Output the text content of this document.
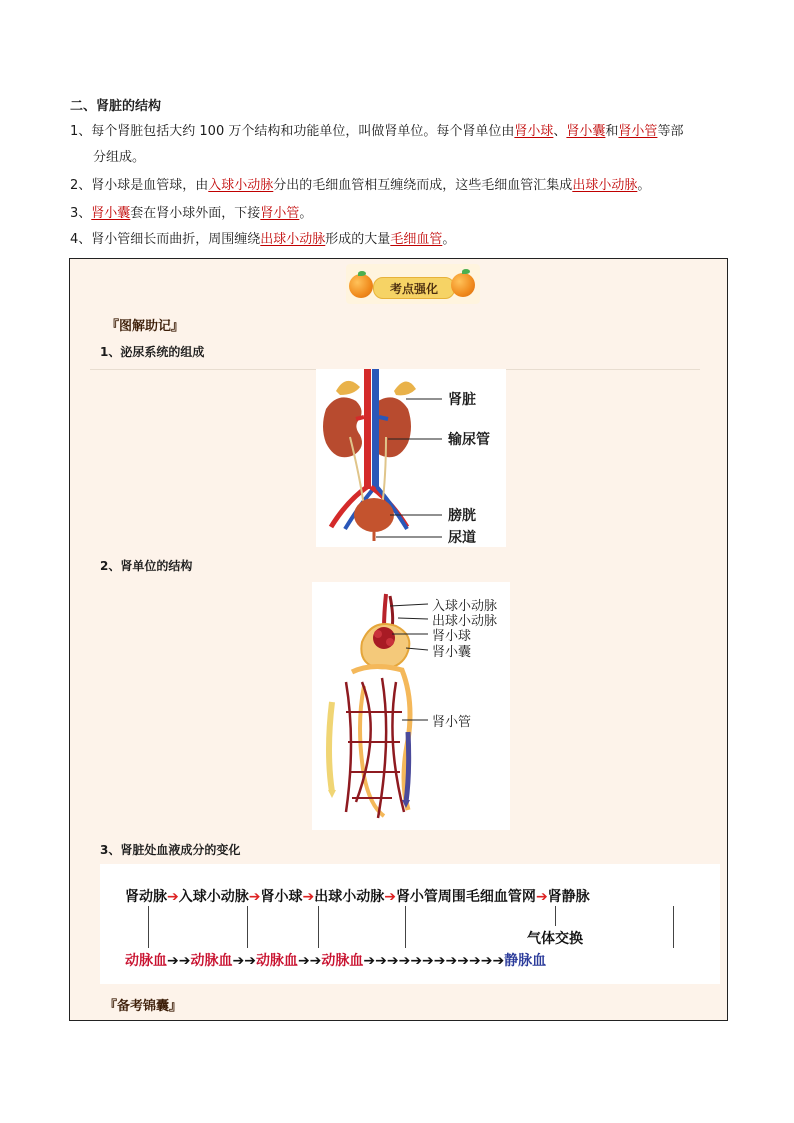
二、肾脏的结构
1、每个肾脏包括大约 100 万个结构和功能单位，叫做肾单位。每个肾单位由肾小球、肾小囊和肾小管等部
分组成。
2、肾小球是血管球，由入球小动脉分出的毛细血管相互缠绕而成，这些毛细血管汇集成出球小动脉。
3、肾小囊套在肾小球外面，下接肾小管。
4、肾小管细长而曲折，周围缠绕出球小动脉形成的大量毛细血管。
考点强化
『图解助记』
1、泌尿系统的组成
肾脏
输尿管
膀胱
尿道
2、肾单位的结构
入球小动脉
出球小动脉
肾小球
肾小囊
肾小管
3、肾脏处血液成分的变化
肾动脉➔入球小动脉➔肾小球➔出球小动脉➔肾小管周围毛细血管网➔肾静脉
气体交换
动脉血➔➔动脉血➔➔动脉血➔➔动脉血➔➔➔➔➔➔➔➔➔➔➔➔静脉血
『备考锦囊』
